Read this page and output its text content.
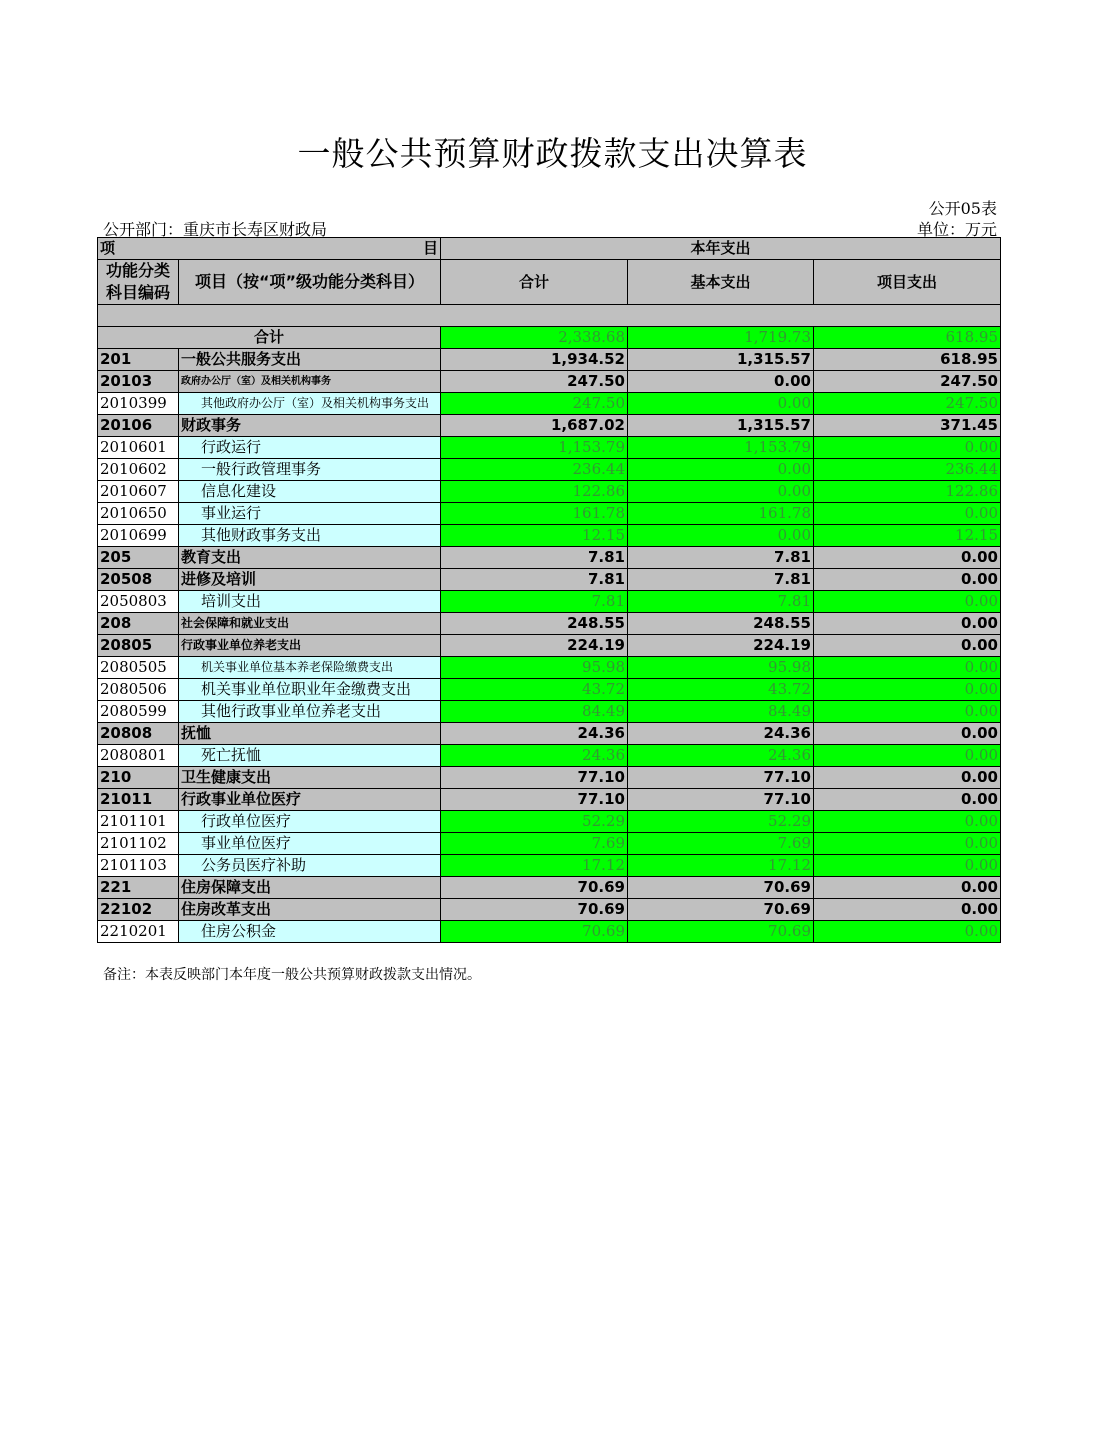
一般公共预算财政拨款支出决算表
公开05表
公开部门：重庆市长寿区财政局	单位：万元
项 目		本年支出		
功能分类科目编码	项目（按“项”级功能分类科目）	合计	基本支出	项目支出

合计		2,338.68	1,719.73	618.95
201	一般公共服务支出	1,934.52	1,315.57	618.95
20103	政府办公厅（室）及相关机构事务	247.50	0.00	247.50
2010399	其他政府办公厅（室）及相关机构事务支出	247.50	0.00	247.50
20106	财政事务	1,687.02	1,315.57	371.45
2010601	行政运行	1,153.79	1,153.79	0.00
2010602	一般行政管理事务	236.44	0.00	236.44
2010607	信息化建设	122.86	0.00	122.86
2010650	事业运行	161.78	161.78	0.00
2010699	其他财政事务支出	12.15	0.00	12.15
205	教育支出	7.81	7.81	0.00
20508	进修及培训	7.81	7.81	0.00
2050803	培训支出	7.81	7.81	0.00
208	社会保障和就业支出	248.55	248.55	0.00
20805	行政事业单位养老支出	224.19	224.19	0.00
2080505	机关事业单位基本养老保险缴费支出	95.98	95.98	0.00
2080506	机关事业单位职业年金缴费支出	43.72	43.72	0.00
2080599	其他行政事业单位养老支出	84.49	84.49	0.00
20808	抚恤	24.36	24.36	0.00
2080801	死亡抚恤	24.36	24.36	0.00
210	卫生健康支出	77.10	77.10	0.00
21011	行政事业单位医疗	77.10	77.10	0.00
2101101	行政单位医疗	52.29	52.29	0.00
2101102	事业单位医疗	7.69	7.69	0.00
2101103	公务员医疗补助	17.12	17.12	0.00
221	住房保障支出	70.69	70.69	0.00
22102	住房改革支出	70.69	70.69	0.00
2210201	住房公积金	70.69	70.69	0.00
备注：本表反映部门本年度一般公共预算财政拨款支出情况。
